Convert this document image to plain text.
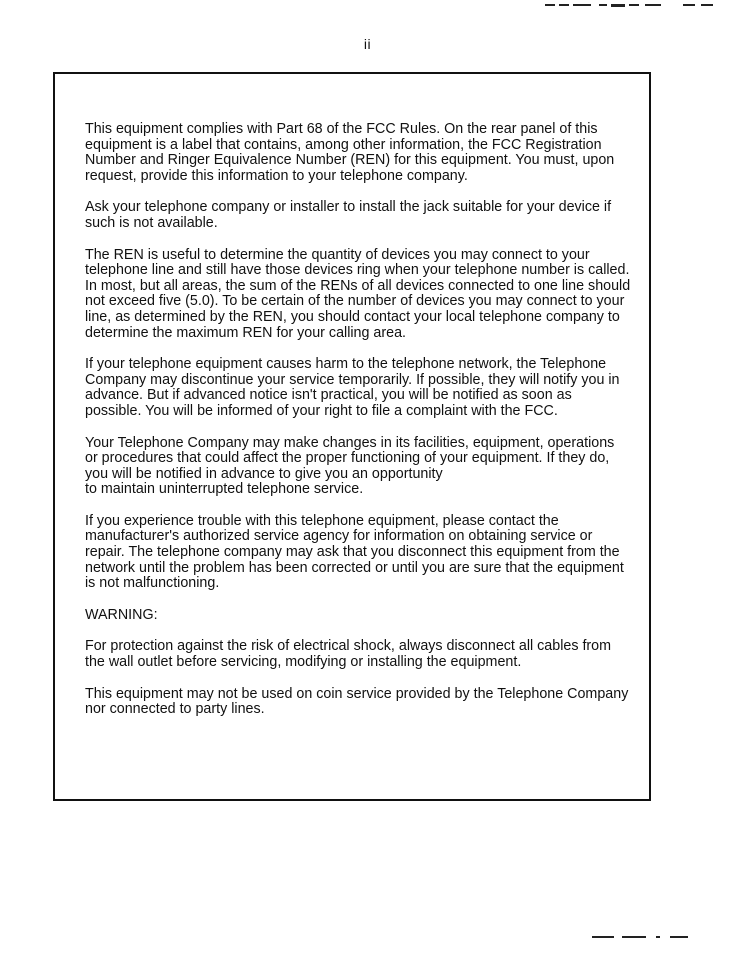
ii

This equipment complies with Part 68 of the FCC Rules. On the rear panel of this
equipment is a label that contains, among other information, the FCC Registration
Number and Ringer Equivalence Number (REN) for this equipment. You must, upon
request, provide this information to your telephone company.

Ask your telephone company or installer to install the jack suitable for your device if
such is not available.

The REN is useful to determine the quantity of devices you may connect to your
telephone line and still have those devices ring when your telephone number is called.
In most, but all areas, the sum of the RENs of all devices connected to one line should
not exceed five (5.0). To be certain of the number of devices you may connect to your
line, as determined by the REN, you should contact your local telephone company to
determine the maximum REN for your calling area.

If your telephone equipment causes harm to the telephone network, the Telephone
Company may discontinue your service temporarily. If possible, they will notify you in
advance. But if advanced notice isn't practical, you will be notified as soon as
possible. You will be informed of your right to file a complaint with the FCC.

Your Telephone Company may make changes in its facilities, equipment, operations
or procedures that could affect the proper functioning of your equipment. If they do,
you will be notified in advance to give you an opportunity
to maintain uninterrupted telephone service.

If you experience trouble with this telephone equipment, please contact the
manufacturer's authorized service agency for information on obtaining service or
repair. The telephone company may ask that you disconnect this equipment from the
network until the problem has been corrected or until you are sure that the equipment
is not malfunctioning.

WARNING:

For protection against the risk of electrical shock, always disconnect all cables from
the wall outlet before servicing, modifying or installing the equipment.

This equipment may not be used on coin service provided by the Telephone Company
nor connected to party lines.
